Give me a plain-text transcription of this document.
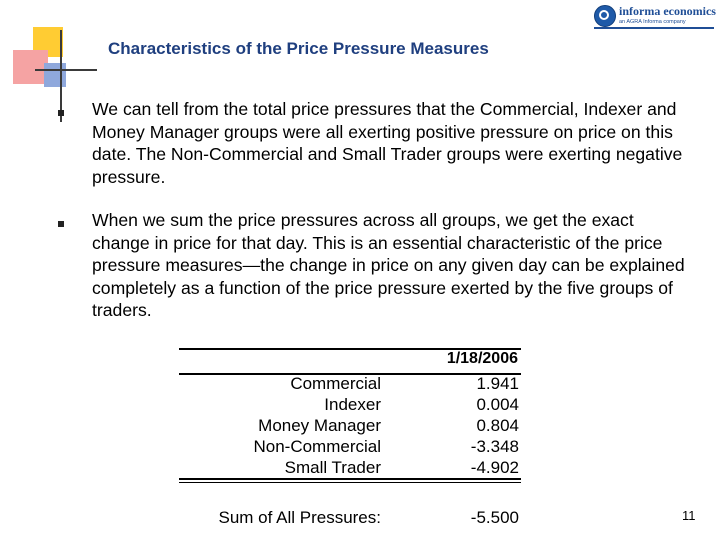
informa economics
an AGRA Informa company
Characteristics of the Price Pressure Measures
We can tell from the total price pressures that the Commercial, Indexer and Money Manager groups were all exerting positive pressure on price on this date. The Non-Commercial and Small Trader groups were exerting negative pressure.
When we sum the price pressures across all groups, we get the exact change in price for that day. This is an essential characteristic of the price pressure measures—the change in price on any given day can be explained completely as a function of the price pressure exerted by the five groups of traders.
1/18/2006
Commercial	1.941
Indexer	0.004
Money Manager	0.804
Non-Commercial	-3.348
Small Trader	-4.902
Sum of All Pressures:	-5.500	11
